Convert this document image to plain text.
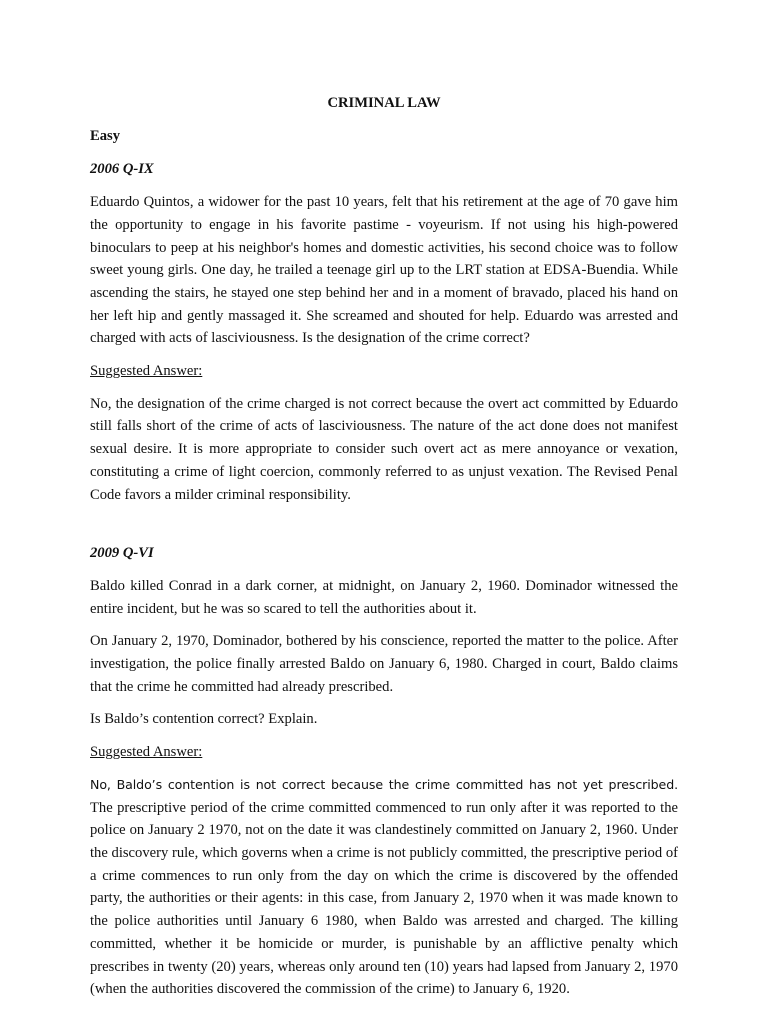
CRIMINAL LAW
Easy
2006 Q-IX

Eduardo Quintos, a widower for the past 10 years, felt that his retirement at the age of 70 gave him the opportunity to engage in his favorite pastime - voyeurism. If not using his high-powered binoculars to peep at his neighbor's homes and domestic activities, his second choice was to follow sweet young girls. One day, he trailed a teenage girl up to the LRT station at EDSA-Buendia. While ascending the stairs, he stayed one step behind her and in a moment of bravado, placed his hand on her left hip and gently massaged it. She screamed and shouted for help. Eduardo was arrested and charged with acts of lasciviousness. Is the designation of the crime correct?

Suggested Answer:

No, the designation of the crime charged is not correct because the overt act committed by Eduardo still falls short of the crime of acts of lasciviousness. The nature of the act done does not manifest sexual desire. It is more appropriate to consider such overt act as mere annoyance or vexation, constituting a crime of light coercion, commonly referred to as unjust vexation. The Revised Penal Code favors a milder criminal responsibility.

2009 Q-VI

Baldo killed Conrad in a dark corner, at midnight, on January 2, 1960. Dominador witnessed the entire incident, but he was so scared to tell the authorities about it.

On January 2, 1970, Dominador, bothered by his conscience, reported the matter to the police. After investigation, the police finally arrested Baldo on January 6, 1980. Charged in court, Baldo claims that the crime he committed had already prescribed.

Is Baldo’s contention correct? Explain.

Suggested Answer:

No, Baldo’s contention is not correct because the crime committed has not yet prescribed. The prescriptive period of the crime committed commenced to run only after it was reported to the police on January 2 1970, not on the date it was clandestinely committed on January 2, 1960. Under the discovery rule, which governs when a crime is not publicly committed, the prescriptive period of a crime commences to run only from the day on which the crime is discovered by the offended party, the authorities or their agents: in this case, from January 2, 1970 when it was made known to the police authorities until January 6 1980, when Baldo was arrested and charged. The killing committed, whether it be homicide or murder, is punishable by an afflictive penalty which prescribes in twenty (20) years, whereas only around ten (10) years had lapsed from January 2, 1970 (when the authorities discovered the commission of the crime) to January 6, 1920.
